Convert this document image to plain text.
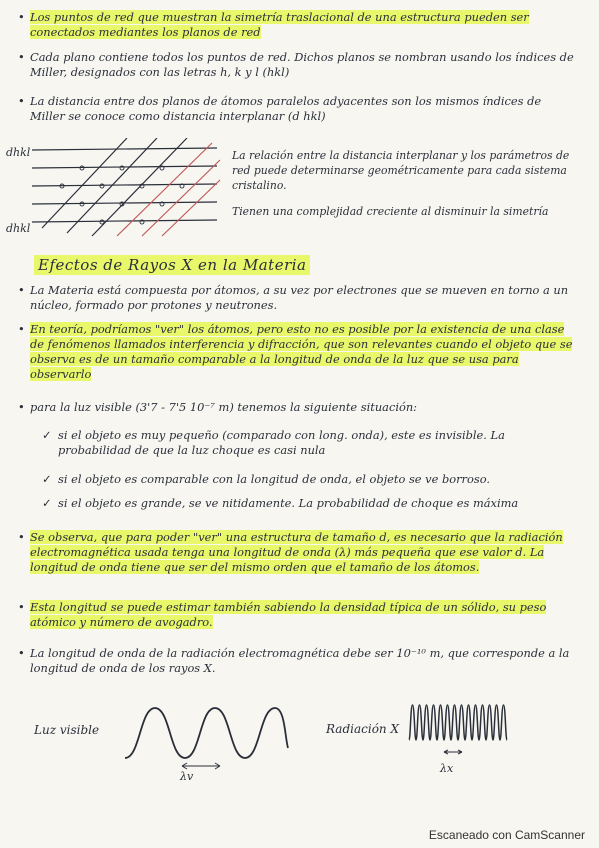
• Los puntos de red que muestran la simetría traslacional de una estructura pueden ser conectados mediantes los planos de red
• Cada plano contiene todos los puntos de red. Dichos planos se nombran usando los índices de Miller, designados con las letras h, k y l (hkl)
• La distancia entre dos planos de átomos paralelos adyacentes son los mismos índices de Miller se conoce como distancia interplanar (d hkl)
dhkl
dhkl
La relación entre la distancia interplanar y los parámetros de red puede determinarse geométricamente para cada sistema cristalino.
Tienen una complejidad creciente al disminuir la simetría
Efectos de Rayos X en la Materia
• La Materia está compuesta por átomos, a su vez por electrones que se mueven en torno a un núcleo, formado por protones y neutrones.
• En teoría, podríamos "ver" los átomos, pero esto no es posible por la existencia de una clase de fenómenos llamados interferencia y difracción, que son relevantes cuando el objeto que se observa es de un tamaño comparable a la longitud de onda de la luz que se usa para observarlo
• para la luz visible (3'7 - 7'5 10⁻⁷ m) tenemos la siguiente situación:
✓ si el objeto es muy pequeño (comparado con long. onda), este es invisible. La probabilidad de que la luz choque es casi nula
✓ si el objeto es comparable con la longitud de onda, el objeto se ve borroso.
✓ si el objeto es grande, se ve nitidamente. La probabilidad de choque es máxima
• Se observa, que para poder "ver" una estructura de tamaño d, es necesario que la radiación electromagnética usada tenga una longitud de onda (λ) más pequeña que ese valor d. La longitud de onda tiene que ser del mismo orden que el tamaño de los átomos.
• Esta longitud se puede estimar también sabiendo la densidad típica de un sólido, su peso atómico y número de avogadro.
• La longitud de onda de la radiación electromagnética debe ser 10⁻¹⁰ m, que corresponde a la longitud de onda de los rayos X.
Luz visible
λv
Radiación X
λx
Escaneado con CamScanner
